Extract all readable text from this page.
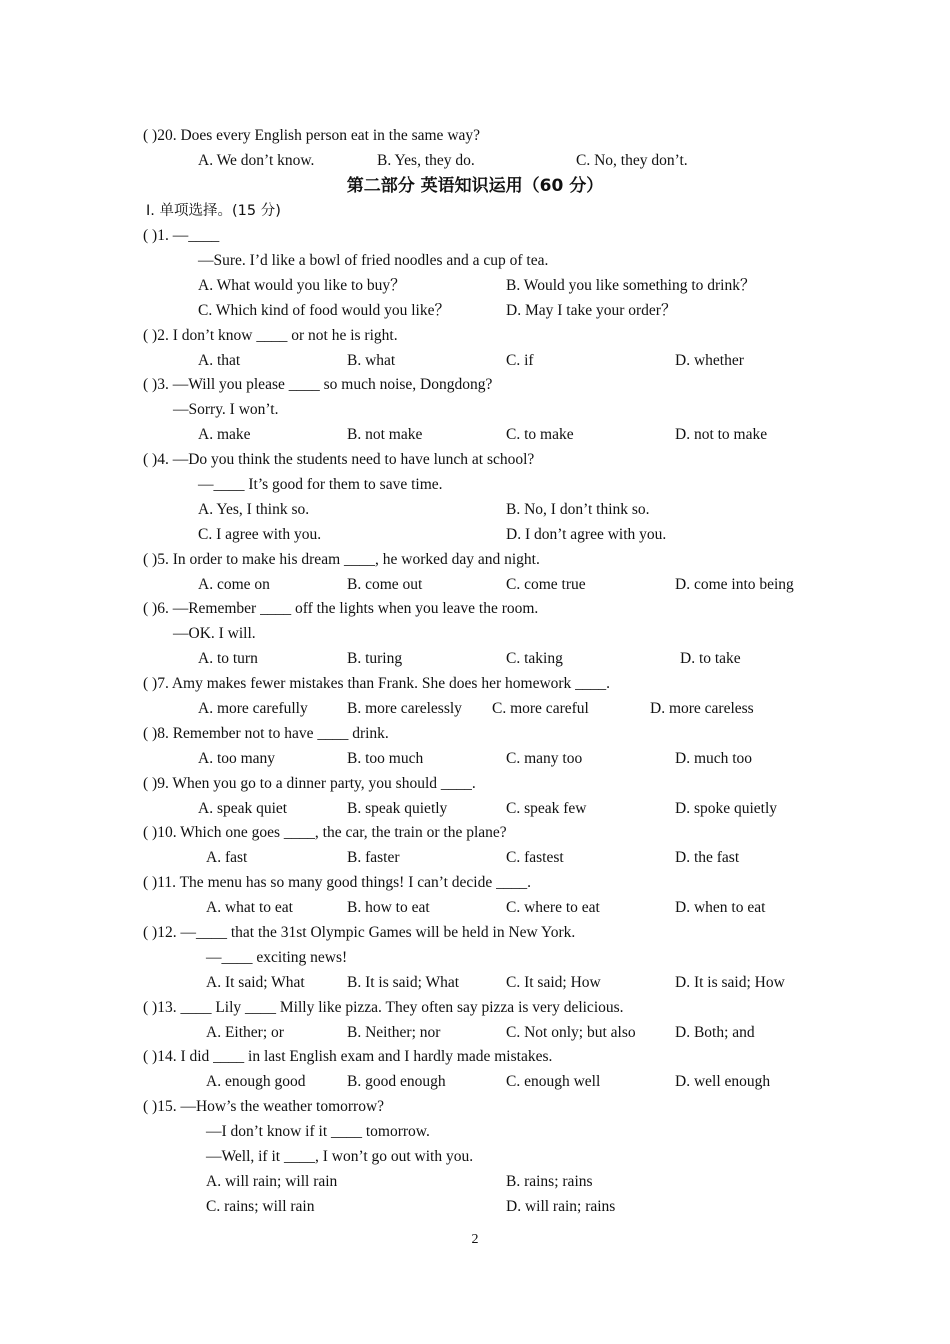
( )20. Does every English person eat in the same way?
A. We don’t know.	B. Yes, they do.	C. No, they don’t.
第二部分 英语知识运用（60 分）
Ⅰ. 单项选择。(15 分)
( )1. —____
—Sure. I’d like a bowl of fried noodles and a cup of tea.
A. What would you like to buy？	B. Would you like something to drink？
C. Which kind of food would you like？	D. May I take your order？
( )2. I don’t know ____ or not he is right.
A. that	B. what	C. if	D. whether
( )3. —Will you please ____ so much noise, Dongdong?
—Sorry. I won’t.
A. make	B. not make	C. to make	D. not to make
( )4. —Do you think the students need to have lunch at school?
—____ It’s good for them to save time.
A. Yes, I think so.	B. No, I don’t think so.
C. I agree with you.	D. I don’t agree with you.
( )5. In order to make his dream ____, he worked day and night.
A. come on	B. come out	C. come true	D. come into being
( )6. —Remember ____ off the lights when you leave the room.
—OK. I will.
A. to turn	B. turing	C. taking	D. to take
( )7. Amy makes fewer mistakes than Frank. She does her homework ____.
A. more carefully	B. more carelessly C. more careful	D. more careless
( )8. Remember not to have ____ drink.
A. too many	B. too much	C. many too	D. much too
( )9. When you go to a dinner party, you should ____.
A. speak quiet	B. speak quietly	C. speak few	D. spoke quietly
( )10. Which one goes ____, the car, the train or the plane?
A. fast	B. faster	C. fastest	D. the fast
( )11. The menu has so many good things! I can’t decide ____.
A. what to eat	B. how to eat	C. where to eat	D. when to eat
( )12. —____ that the 31st Olympic Games will be held in New York.
—____ exciting news!
A. It said; What	B. It is said; What	C. It said; How	D. It is said; How
( )13. ____ Lily ____ Milly like pizza. They often say pizza is very delicious.
A. Either; or	B. Neither; nor	C. Not only; but also	D. Both; and
( )14. I did ____ in last English exam and I hardly made mistakes.
A. enough good	B. good enough	C. enough well	D. well enough
( )15. —How’s the weather tomorrow?
—I don’t know if it ____ tomorrow.
—Well, if it ____, I won’t go out with you.
A. will rain; will rain	B. rains; rains
C. rains; will rain	D. will rain; rains
2
